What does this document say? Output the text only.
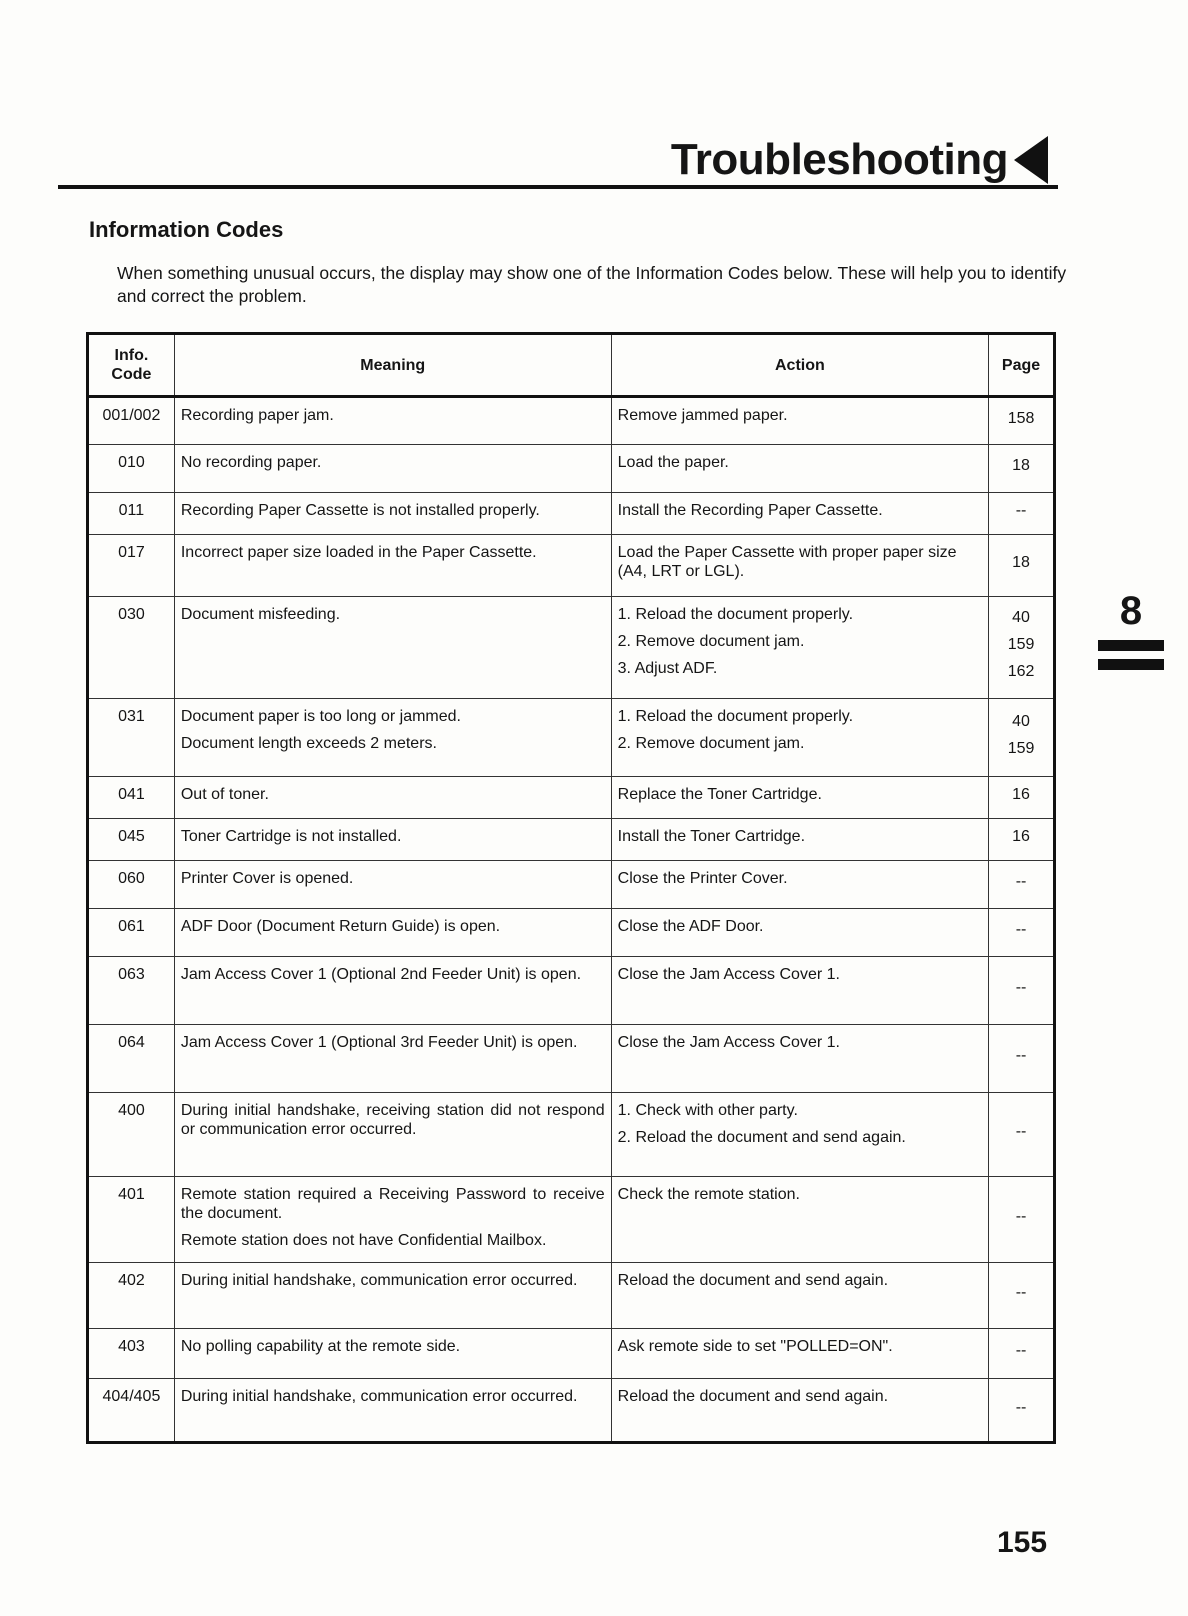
Troubleshooting
Information Codes
When something unusual occurs, the display may show one of the Information Codes below. These will help you to identify and correct the problem.
Info. Code	Meaning	Action	Page
001/002	Recording paper jam.	Remove jammed paper.	158

010	No recording paper.	Load the paper.	18

011	Recording Paper Cassette is not installed properly.	Install the Recording Paper Cassette.	--

017	Incorrect paper size loaded in the Paper Cassette.	Load the Paper Cassette with proper paper size (A4, LRT or LGL).	18

030	Document misfeeding.	1. Reload the document properly.
2. Remove document jam.
3. Adjust ADF.	40
159
162

031	Document paper is too long or jammed.
Document length exceeds 2 meters.	1. Reload the document properly.
2. Remove document jam.	40
159

041	Out of toner.	Replace the Toner Cartridge.	16

045	Toner Cartridge is not installed.	Install the Toner Cartridge.	16

060	Printer Cover is opened.	Close the Printer Cover.	--

061	ADF Door (Document Return Guide) is open.	Close the ADF Door.	--

063	Jam Access Cover 1 (Optional 2nd Feeder Unit) is open.	Close the Jam Access Cover 1.	--

064	Jam Access Cover 1 (Optional 3rd Feeder Unit) is open.	Close the Jam Access Cover 1.	--

400	During initial handshake, receiving station did not respond or communication error occurred.	1. Check with other party.
2. Reload the document and send again.	--

401	Remote station required a Receiving Password to receive the document.
Remote station does not have Confidential Mailbox.	Check the remote station.	--

402	During initial handshake, communication error occurred.	Reload the document and send again.	--

403	No polling capability at the remote side.	Ask remote side to set "POLLED=ON".	--

404/405	During initial handshake, communication error occurred.	Reload the document and send again.	--
8
155
